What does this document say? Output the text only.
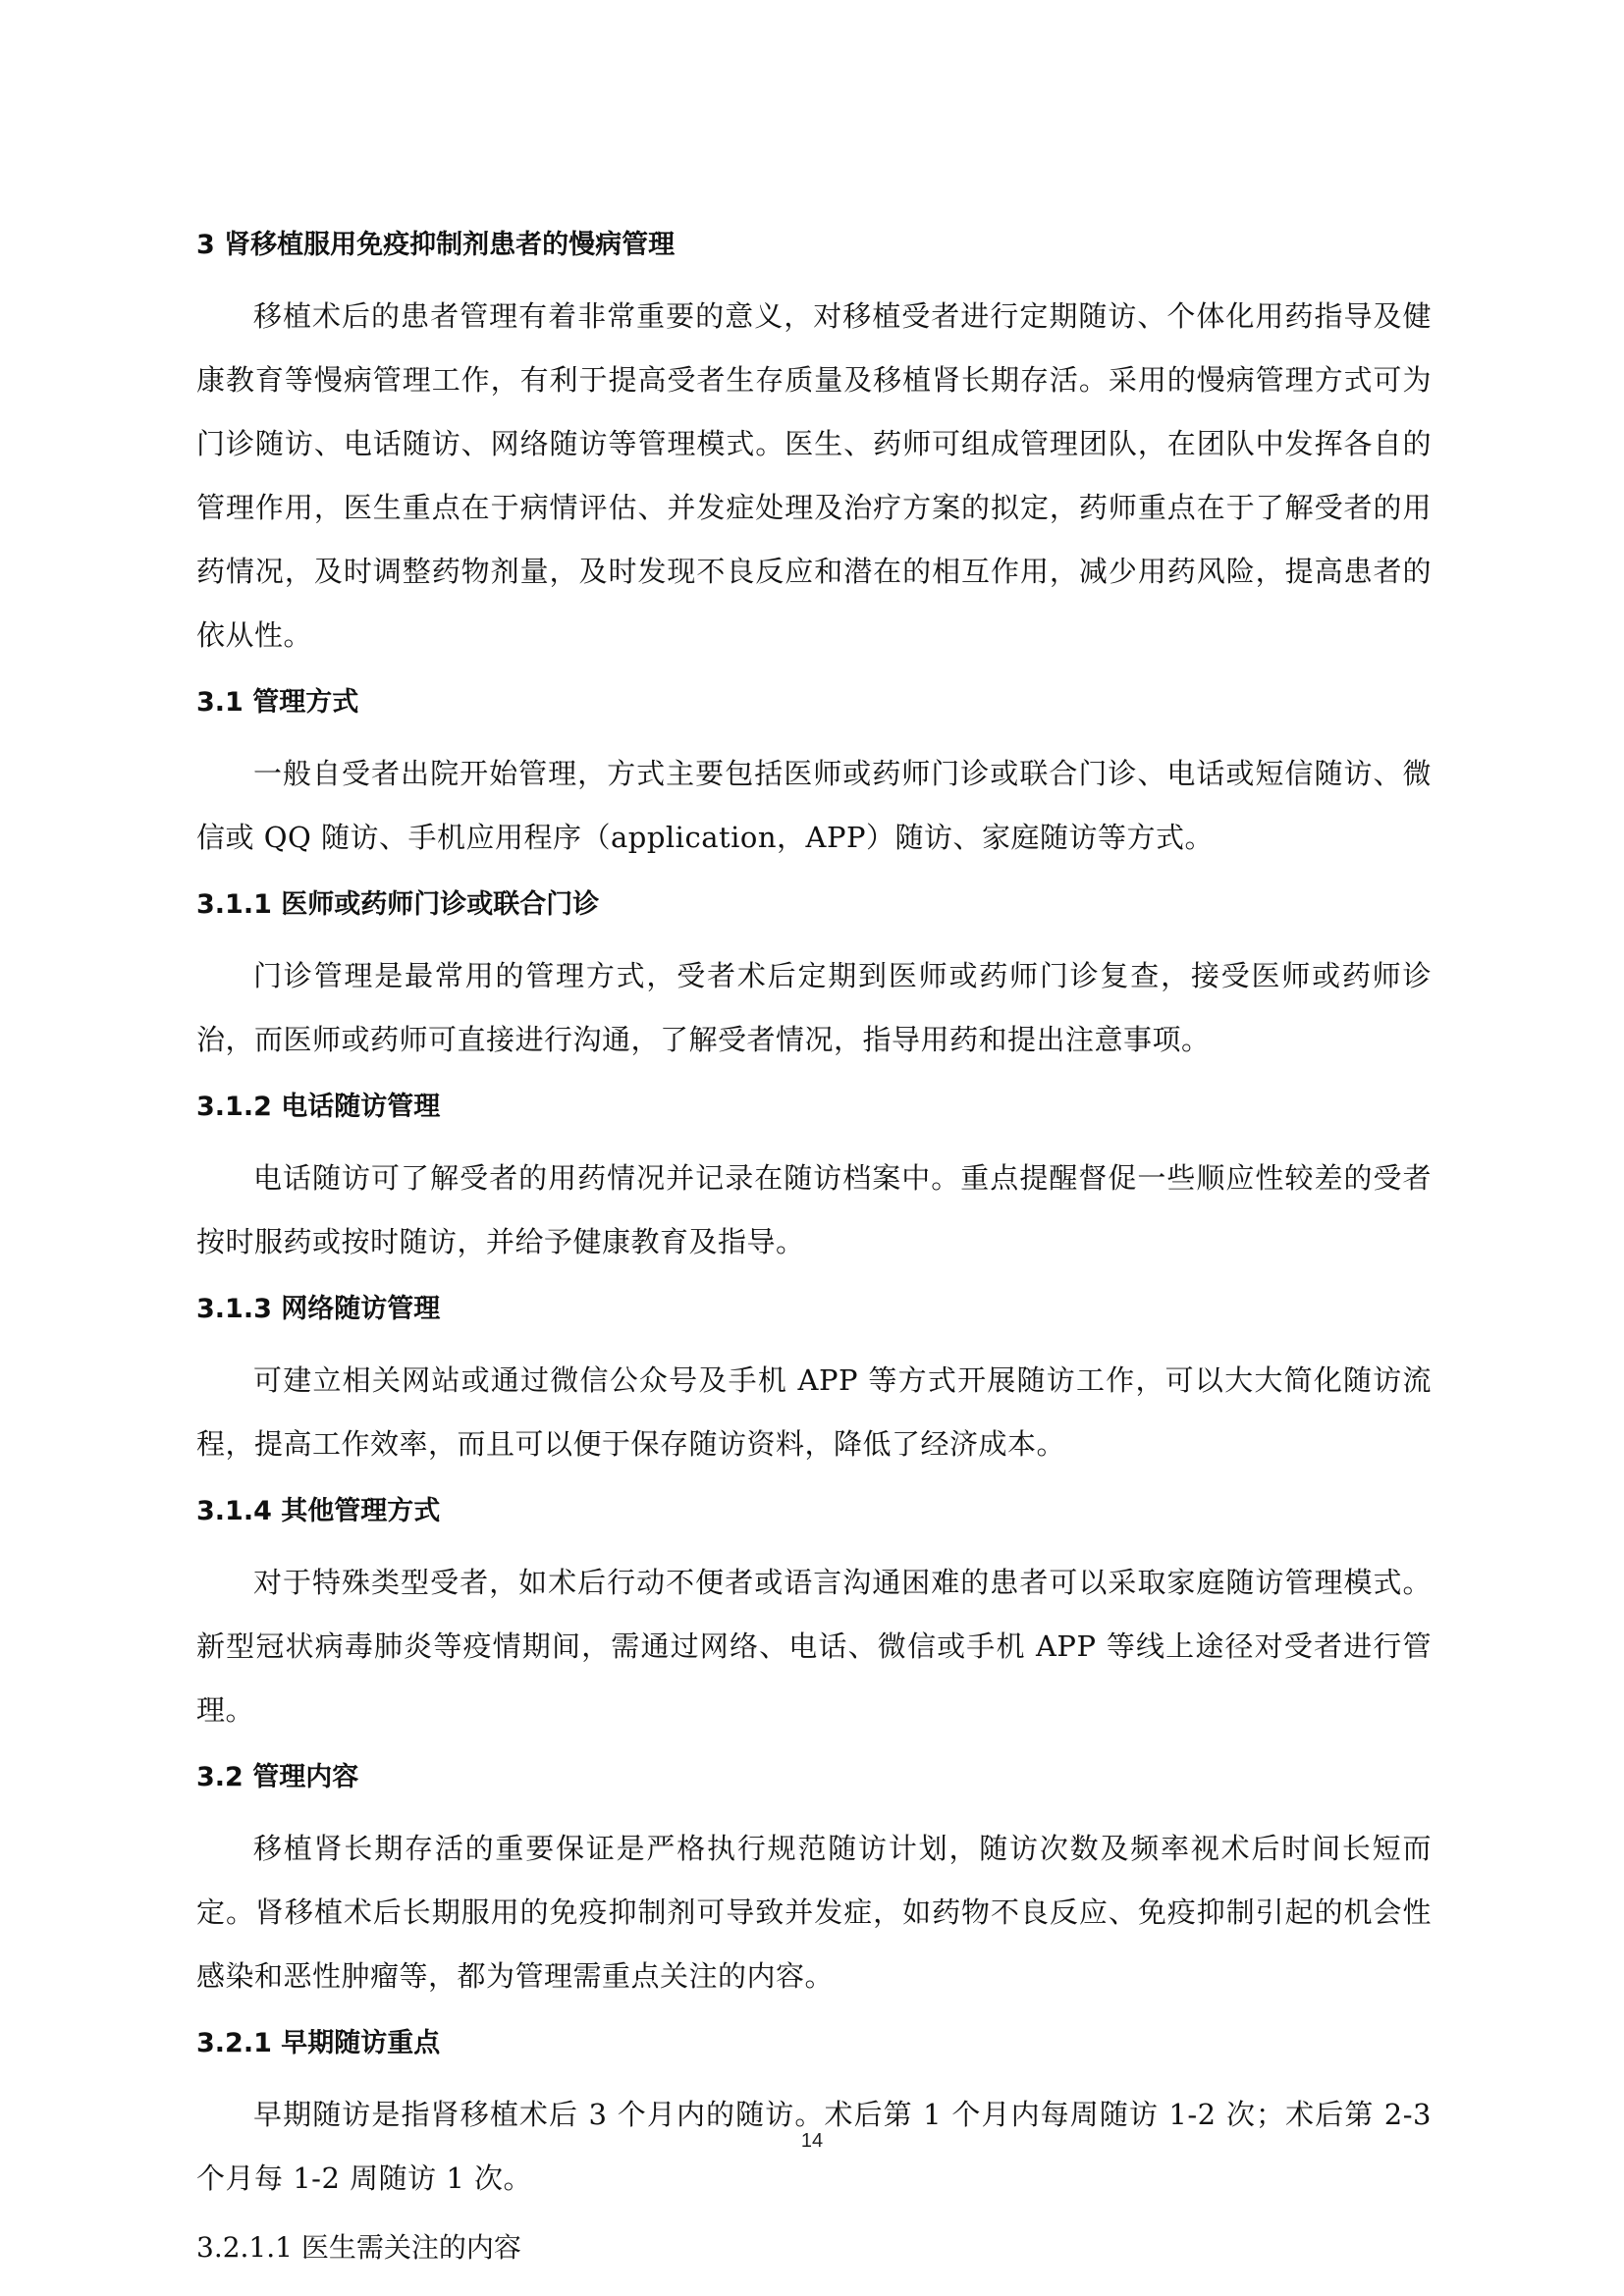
3 肾移植服用免疫抑制剂患者的慢病管理

移植术后的患者管理有着非常重要的意义，对移植受者进行定期随访、个体化用药指导及健康教育等慢病管理工作，有利于提高受者生存质量及移植肾长期存活。采用的慢病管理方式可为门诊随访、电话随访、网络随访等管理模式。医生、药师可组成管理团队，在团队中发挥各自的管理作用，医生重点在于病情评估、并发症处理及治疗方案的拟定，药师重点在于了解受者的用药情况，及时调整药物剂量，及时发现不良反应和潜在的相互作用，减少用药风险，提高患者的依从性。

3.1 管理方式

一般自受者出院开始管理，方式主要包括医师或药师门诊或联合门诊、电话或短信随访、微信或 QQ 随访、手机应用程序（application，APP）随访、家庭随访等方式。

3.1.1 医师或药师门诊或联合门诊

门诊管理是最常用的管理方式，受者术后定期到医师或药师门诊复查，接受医师或药师诊治，而医师或药师可直接进行沟通，了解受者情况，指导用药和提出注意事项。

3.1.2 电话随访管理

电话随访可了解受者的用药情况并记录在随访档案中。重点提醒督促一些顺应性较差的受者按时服药或按时随访，并给予健康教育及指导。

3.1.3 网络随访管理

可建立相关网站或通过微信公众号及手机 APP 等方式开展随访工作，可以大大简化随访流程，提高工作效率，而且可以便于保存随访资料，降低了经济成本。

3.1.4 其他管理方式

对于特殊类型受者，如术后行动不便者或语言沟通困难的患者可以采取家庭随访管理模式。新型冠状病毒肺炎等疫情期间，需通过网络、电话、微信或手机 APP 等线上途径对受者进行管理。

3.2 管理内容

移植肾长期存活的重要保证是严格执行规范随访计划，随访次数及频率视术后时间长短而定。肾移植术后长期服用的免疫抑制剂可导致并发症，如药物不良反应、免疫抑制引起的机会性感染和恶性肿瘤等，都为管理需重点关注的内容。

3.2.1 早期随访重点

早期随访是指肾移植术后 3 个月内的随访。术后第 1 个月内每周随访 1-2 次；术后第 2-3 个月每 1-2 周随访 1 次。

3.2.1.1 医生需关注的内容

14
